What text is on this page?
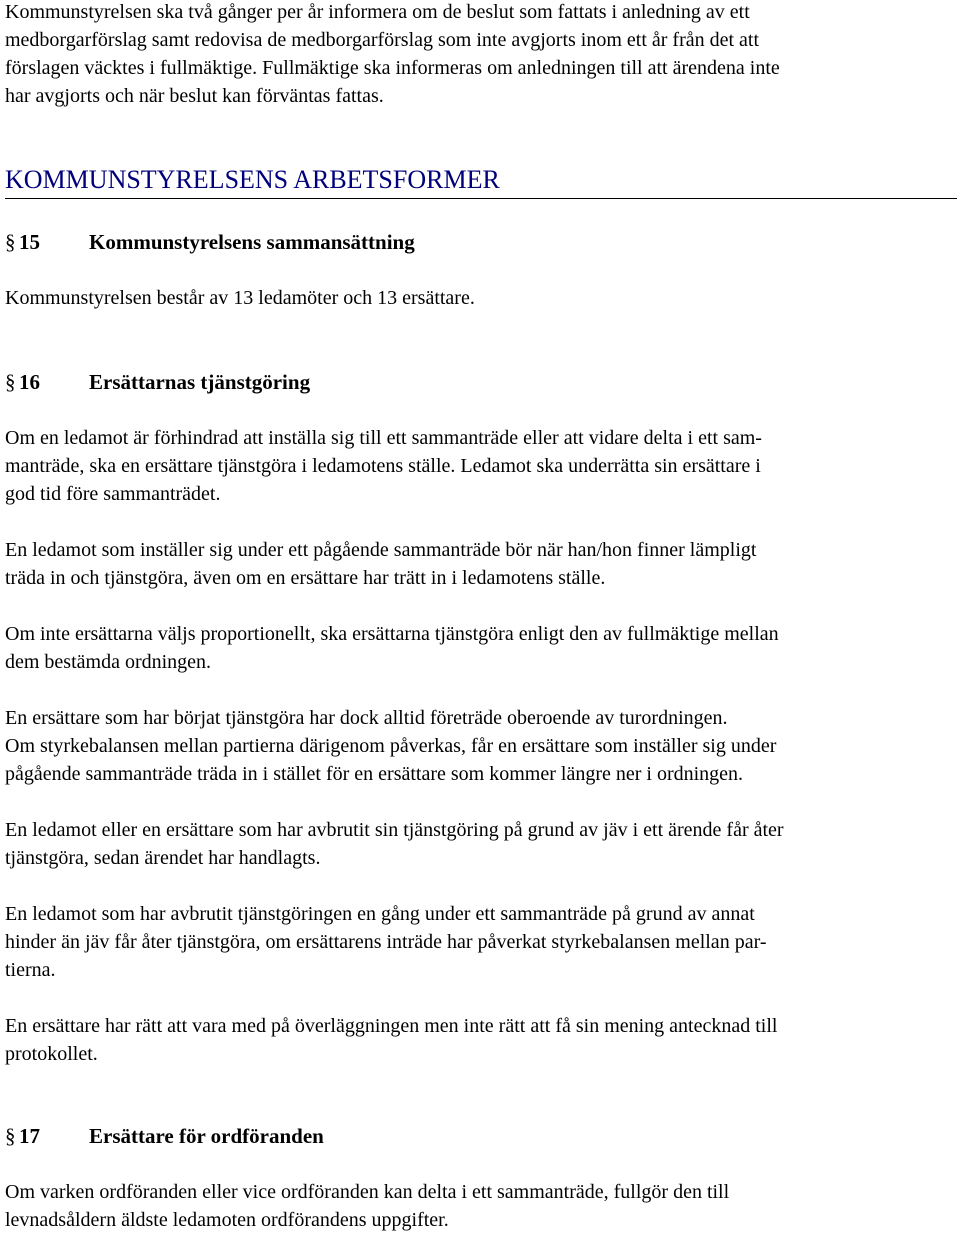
Kommunstyrelsen ska två gånger per år informera om de beslut som fattats i anledning av ett
medborgarförslag samt redovisa de medborgarförslag som inte avgjorts inom ett år från det att
förslagen väcktes i fullmäktige. Fullmäktige ska informeras om anledningen till att ärendena inte
har avgjorts och när beslut kan förväntas fattas.
KOMMUNSTYRELSENS ARBETSFORMER
§ 15 Kommunstyrelsens sammansättning
Kommunstyrelsen består av 13 ledamöter och 13 ersättare.
§ 16 Ersättarnas tjänstgöring
Om en ledamot är förhindrad att inställa sig till ett sammanträde eller att vidare delta i ett sam-
manträde, ska en ersättare tjänstgöra i ledamotens ställe. Ledamot ska underrätta sin ersättare i
god tid före sammanträdet.
En ledamot som inställer sig under ett pågående sammanträde bör när han/hon finner lämpligt
träda in och tjänstgöra, även om en ersättare har trätt in i ledamotens ställe.
Om inte ersättarna väljs proportionellt, ska ersättarna tjänstgöra enligt den av fullmäktige mellan
dem bestämda ordningen.
En ersättare som har börjat tjänstgöra har dock alltid företräde oberoende av turordningen.
Om styrkebalansen mellan partierna därigenom påverkas, får en ersättare som inställer sig under
pågående sammanträde träda in i stället för en ersättare som kommer längre ner i ordningen.
En ledamot eller en ersättare som har avbrutit sin tjänstgöring på grund av jäv i ett ärende får åter
tjänstgöra, sedan ärendet har handlagts.
En ledamot som har avbrutit tjänstgöringen en gång under ett sammanträde på grund av annat
hinder än jäv får åter tjänstgöra, om ersättarens inträde har påverkat styrkebalansen mellan par-
tierna.
En ersättare har rätt att vara med på överläggningen men inte rätt att få sin mening antecknad till
protokollet.
§ 17 Ersättare för ordföranden
Om varken ordföranden eller vice ordföranden kan delta i ett sammanträde, fullgör den till
levnadsåldern äldste ledamoten ordförandens uppgifter.
